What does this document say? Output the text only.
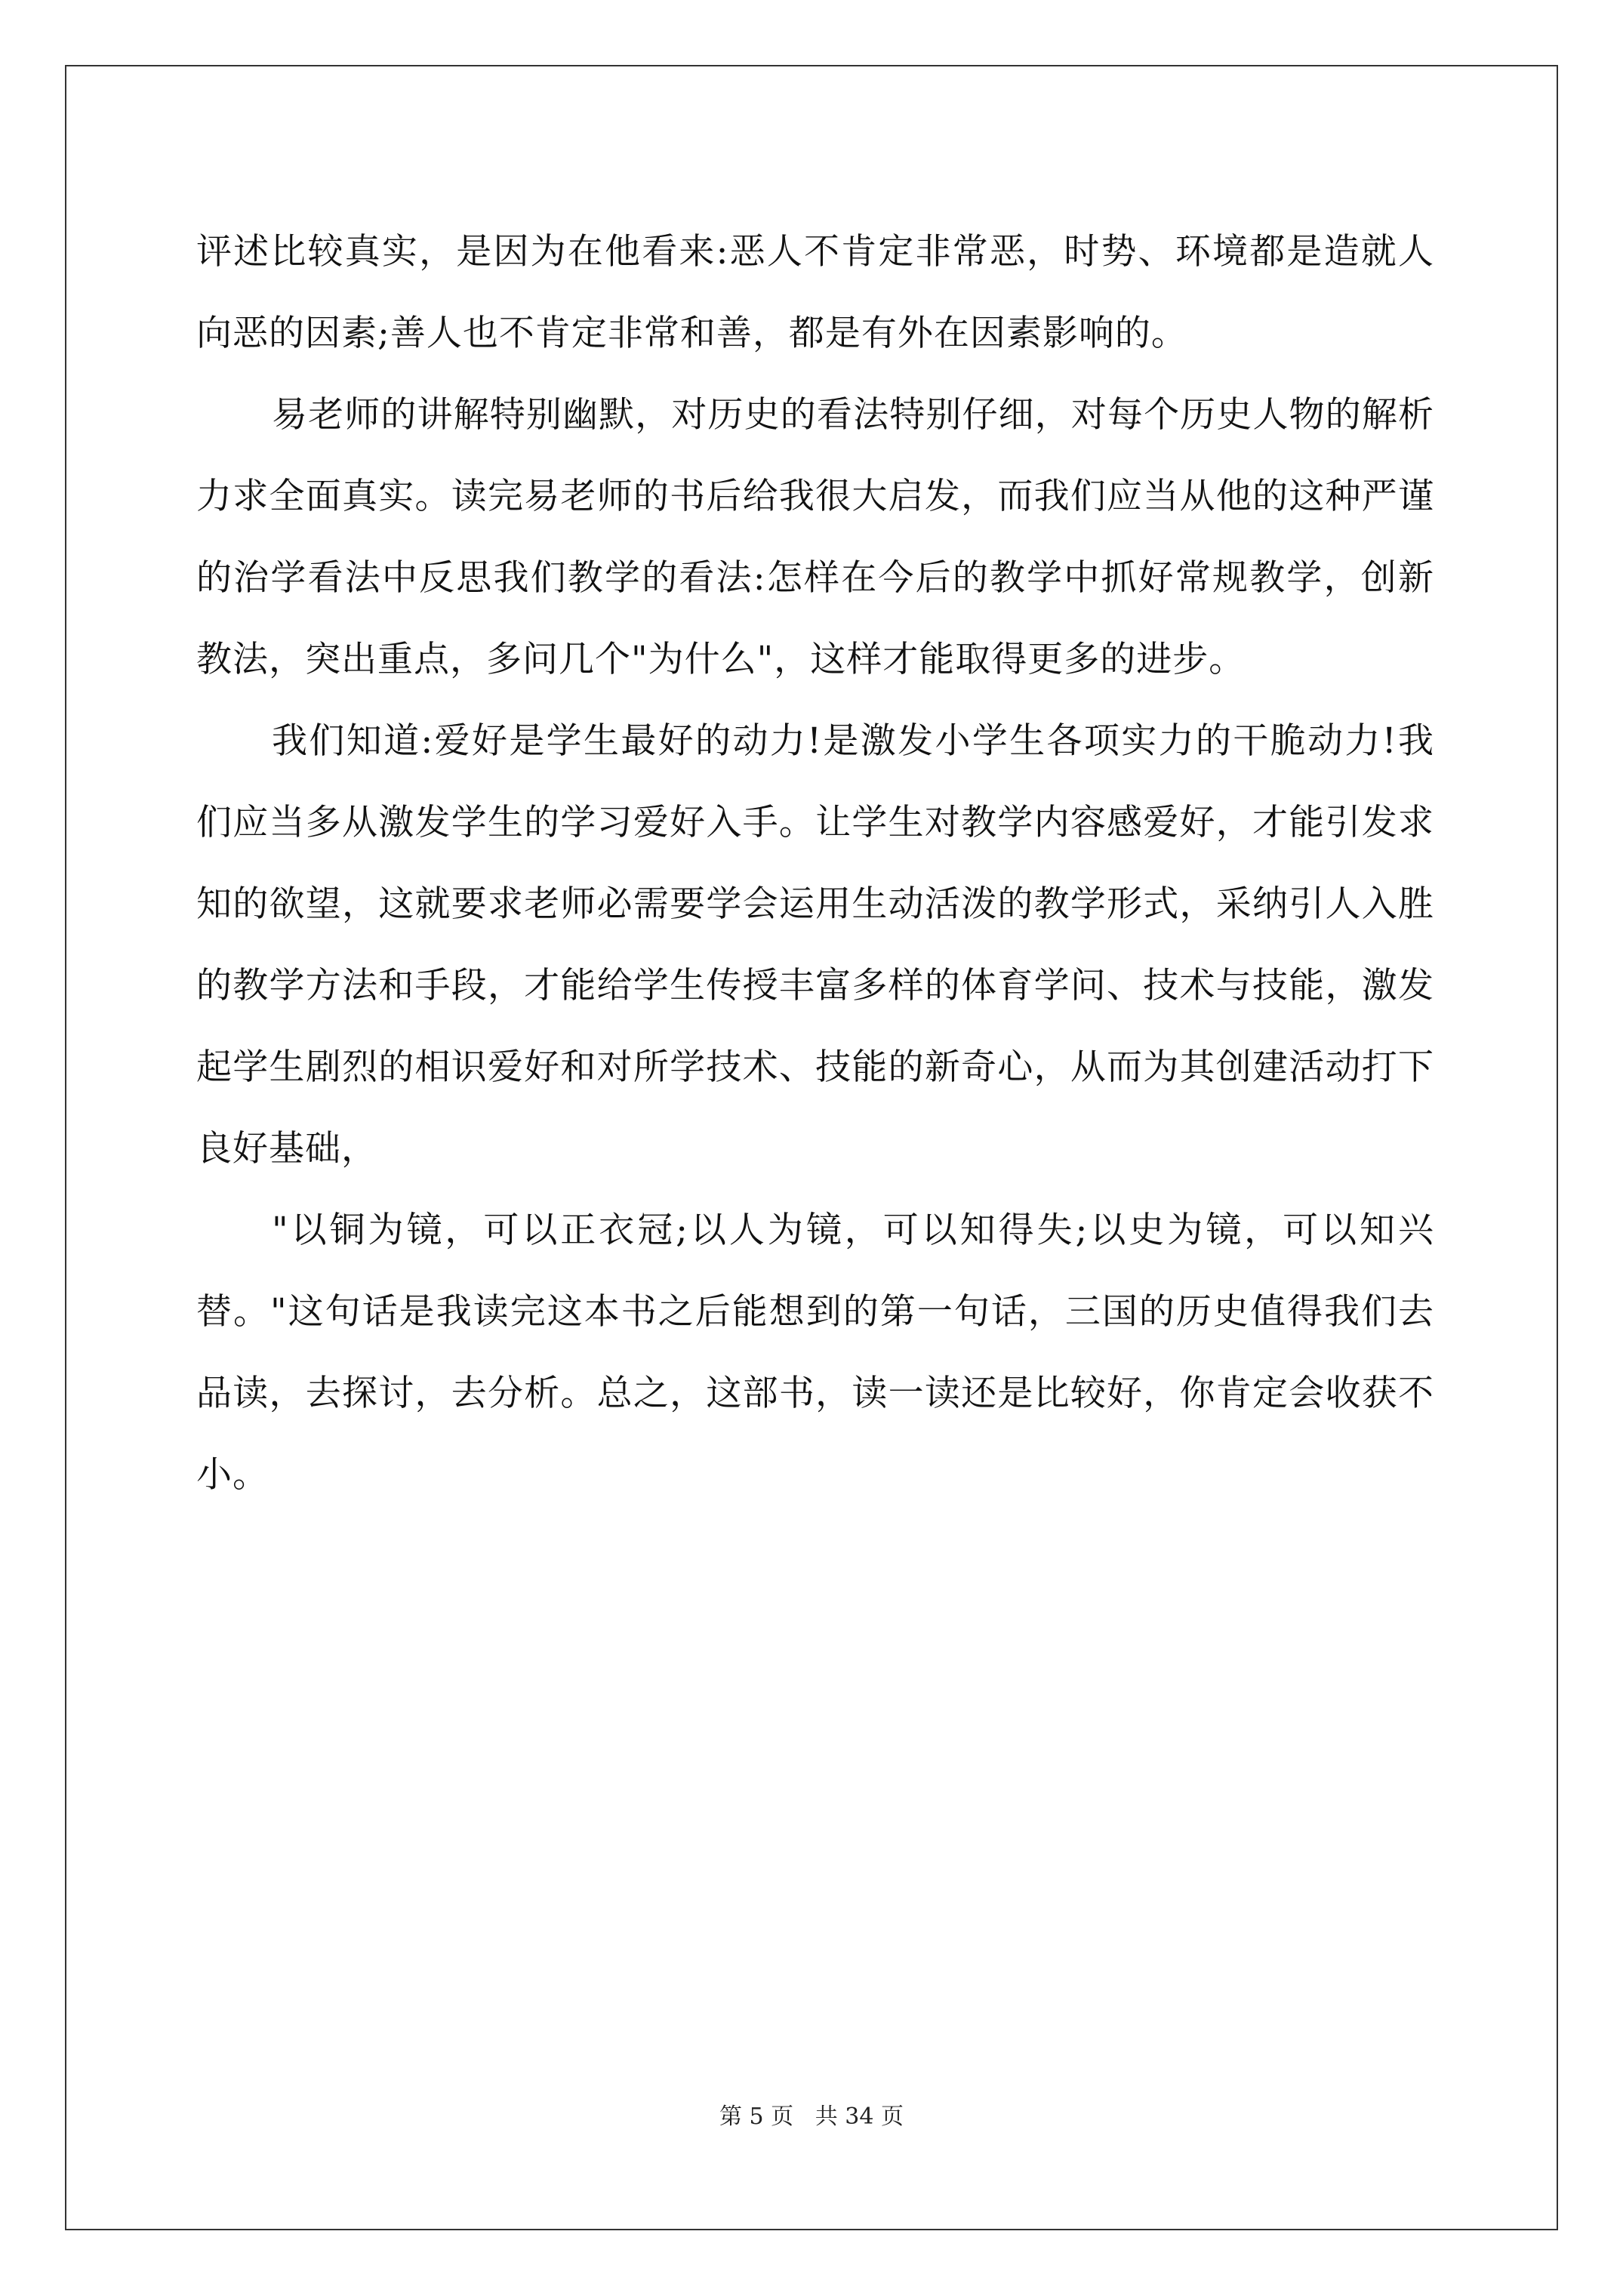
评述比较真实，是因为在他看来:恶人不肯定非常恶，时势、环境都是造就人向恶的因素;善人也不肯定非常和善，都是有外在因素影响的。

易老师的讲解特别幽默，对历史的看法特别仔细，对每个历史人物的解析力求全面真实。读完易老师的书后给我很大启发，而我们应当从他的这种严谨的治学看法中反思我们教学的看法:怎样在今后的教学中抓好常规教学，创新教法，突出重点，多问几个"为什么"，这样才能取得更多的进步。

我们知道:爱好是学生最好的动力!是激发小学生各项实力的干脆动力!我们应当多从激发学生的学习爱好入手。让学生对教学内容感爱好，才能引发求知的欲望，这就要求老师必需要学会运用生动活泼的教学形式，采纳引人入胜的教学方法和手段，才能给学生传授丰富多样的体育学问、技术与技能，激发起学生剧烈的相识爱好和对所学技术、技能的新奇心，从而为其创建活动打下良好基础，

"以铜为镜，可以正衣冠;以人为镜，可以知得失;以史为镜，可以知兴替。"这句话是我读完这本书之后能想到的第一句话，三国的历史值得我们去品读，去探讨，去分析。总之，这部书，读一读还是比较好，你肯定会收获不小。

第 5 页 共 34 页
